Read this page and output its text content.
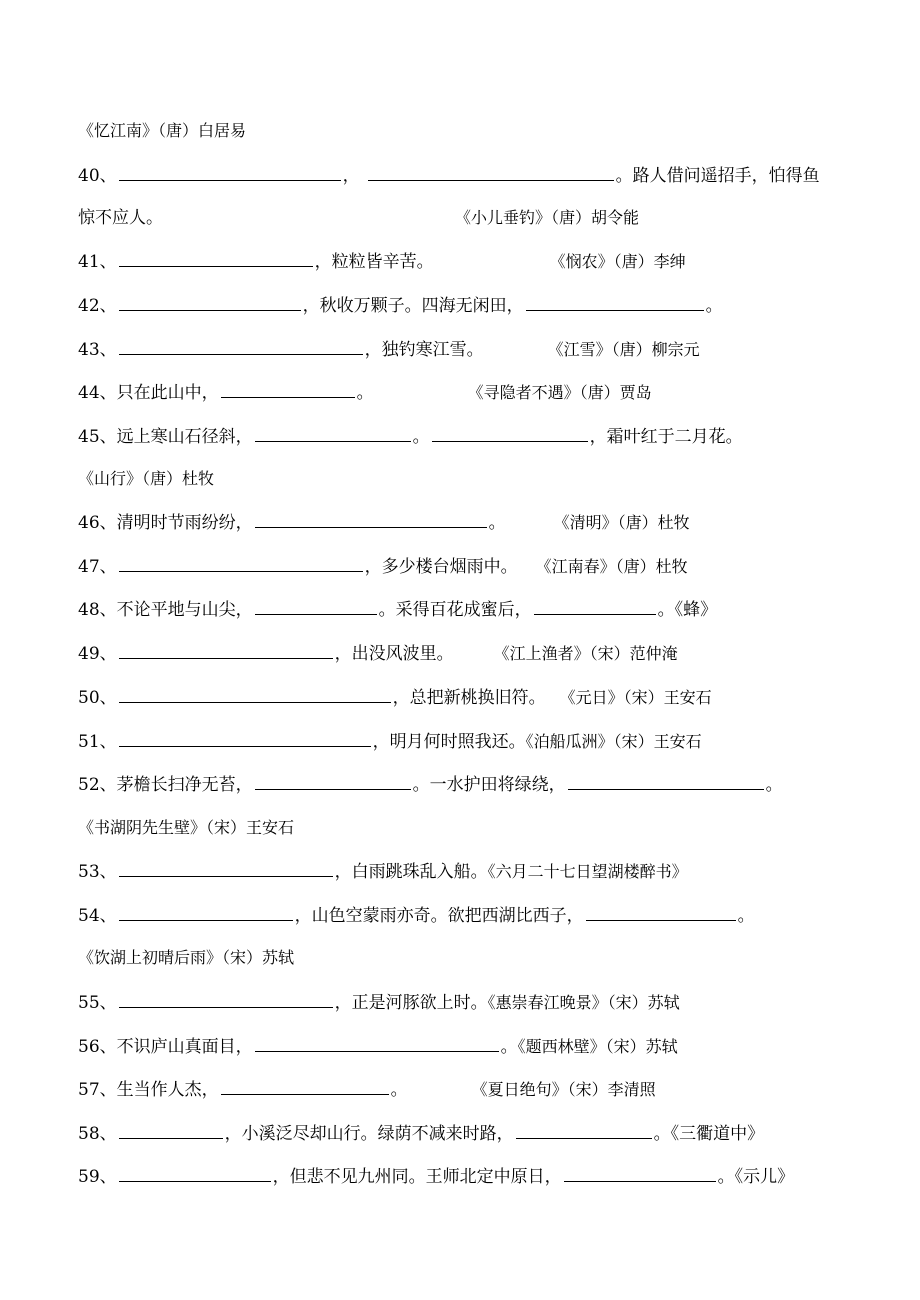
《忆江南》（唐）白居易
40、	，	。路人借问遥招手，怕得鱼
惊不应人。	《小儿垂钓》（唐）胡令能
41、	，粒粒皆辛苦。	《悯农》（唐）李绅
42、	，秋收万颗子。四海无闲田，	。
43、	，独钓寒江雪。	《江雪》（唐）柳宗元
44、只在此山中，	。	《寻隐者不遇》（唐）贾岛
45、远上寒山石径斜，	。	，霜叶红于二月花。
《山行》（唐）杜牧
46、清明时节雨纷纷，	。	《清明》（唐）杜牧
47、	，多少楼台烟雨中。 《江南春》（唐）杜牧
48、不论平地与山尖，	。采得百花成蜜后，	。《蜂》
49、	，出没风波里。	《江上渔者》（宋）范仲淹
50、	，总把新桃换旧符。 《元日》（宋）王安石
51、	，明月何时照我还。《泊船瓜洲》（宋）王安石
52、茅檐长扫净无苔，	。一水护田将绿绕，	。
《书湖阴先生壁》（宋）王安石
53、	，白雨跳珠乱入船。《六月二十七日望湖楼醉书》
54、	，山色空蒙雨亦奇。欲把西湖比西子，	。
《饮湖上初晴后雨》（宋）苏轼
55、	，正是河豚欲上时。《惠崇春江晚景》（宋）苏轼
56、不识庐山真面目，	。《题西林壁》（宋）苏轼
57、生当作人杰，	。	《夏日绝句》（宋）李清照
58、	，小溪泛尽却山行。绿荫不减来时路，	。《三衢道中》
59、	，但悲不见九州同。王师北定中原日，	。《示儿》
